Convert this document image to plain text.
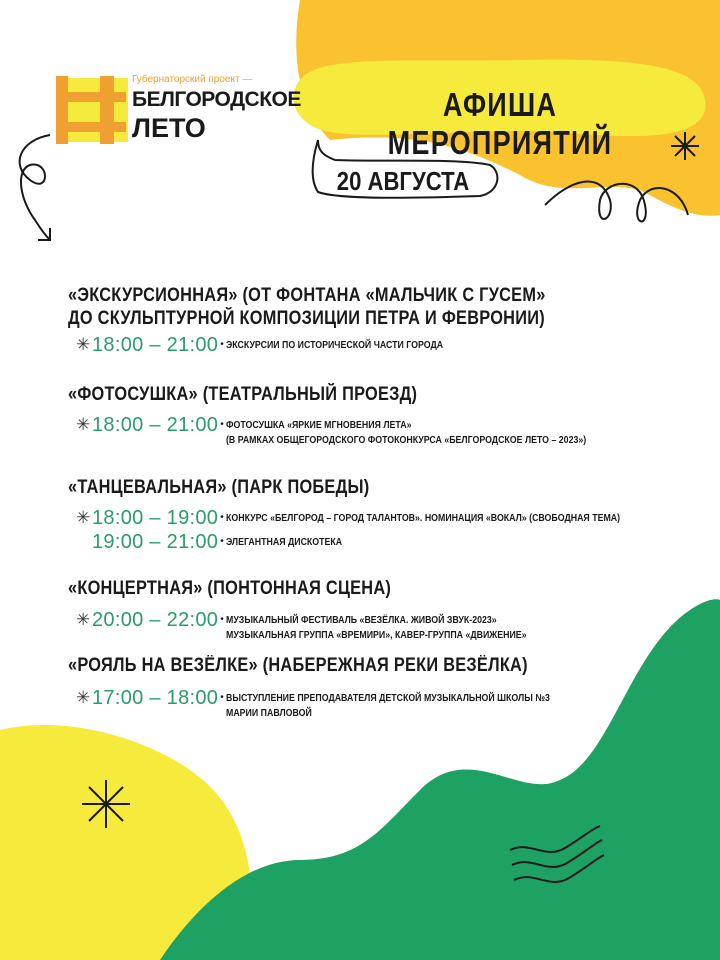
Губернаторский проект —
БЕЛГОРОДСКОЕ
ЛЕТО
АФИША МЕРОПРИЯТИЙ
20 АВГУСТА
«ЭКСКУРСИОННАЯ» (ОТ ФОНТАНА «МАЛЬЧИК С ГУСЕМ»
ДО СКУЛЬПТУРНОЙ КОМПОЗИЦИИ ПЕТРА И ФЕВРОНИИ)
✳ 18:00 – 21:00 • ЭКСКУРСИИ ПО ИСТОРИЧЕСКОЙ ЧАСТИ ГОРОДА
«ФОТОСУШКА» (ТЕАТРАЛЬНЫЙ ПРОЕЗД)
✳ 18:00 – 21:00 • ФОТОСУШКА «ЯРКИЕ МГНОВЕНИЯ ЛЕТА»
(В РАМКАХ ОБЩЕГОРОДСКОГО ФОТОКОНКУРСА «БЕЛГОРОДСКОЕ ЛЕТО – 2023»)
«ТАНЦЕВАЛЬНАЯ» (ПАРК ПОБЕДЫ)
✳ 18:00 – 19:00 • КОНКУРС «БЕЛГОРОД – ГОРОД ТАЛАНТОВ». НОМИНАЦИЯ «ВОКАЛ» (СВОБОДНАЯ ТЕМА)
19:00 – 21:00 • ЭЛЕГАНТНАЯ ДИСКОТЕКА
«КОНЦЕРТНАЯ» (ПОНТОННАЯ СЦЕНА)
✳ 20:00 – 22:00 • МУЗЫКАЛЬНЫЙ ФЕСТИВАЛЬ «ВЕЗЁЛКА. ЖИВОЙ ЗВУК-2023»
МУЗЫКАЛЬНАЯ ГРУППА «ВРЕМИРИ», КАВЕР-ГРУППА «ДВИЖЕНИЕ»
«РОЯЛЬ НА ВЕЗЁЛКЕ» (НАБЕРЕЖНАЯ РЕКИ ВЕЗЁЛКА)
✳ 17:00 – 18:00 • ВЫСТУПЛЕНИЕ ПРЕПОДАВАТЕЛЯ ДЕТСКОЙ МУЗЫКАЛЬНОЙ ШКОЛЫ №3
МАРИИ ПАВЛОВОЙ
